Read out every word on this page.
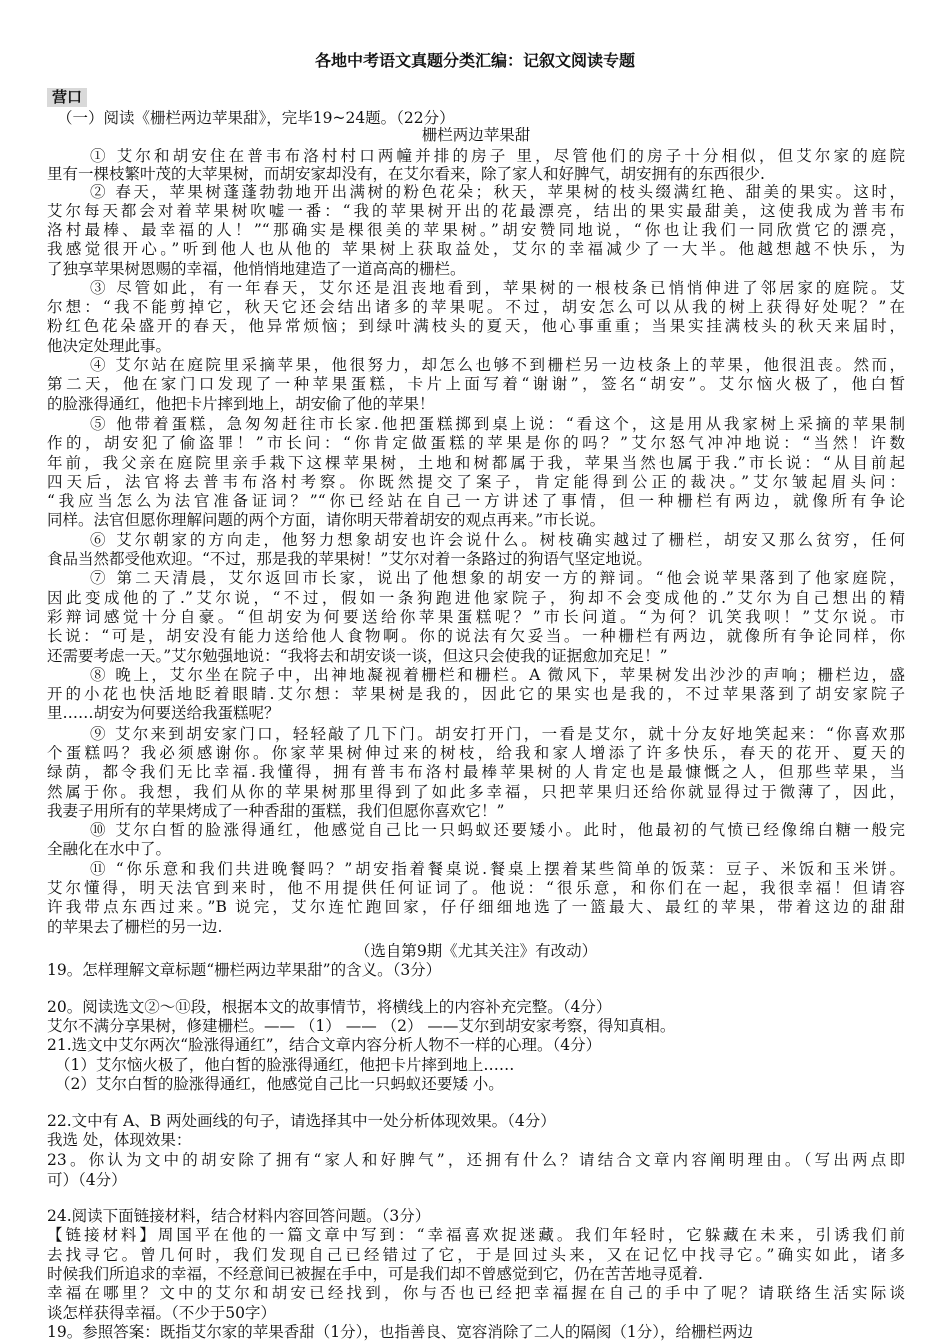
各地中考语文真题分类汇编：记叙文阅读专题
营口
（一）阅读《栅栏两边苹果甜》，完毕19~24题。（22分）
栅栏两边苹果甜
① 艾尔和胡安住在普韦布洛村村口两幢并排的房子 里，尽管他们的房子十分相似，但艾尔家的庭院
里有一棵枝繁叶茂的大苹果树，而胡安家却没有，在艾尔看来，除了家人和好脾气，胡安拥有的东西很少.
② 春天，苹果树蓬蓬勃勃地开出满树的粉色花朵；秋天，苹果树的枝头缀满红艳、甜美的果实。这时，
艾尔每天都会对着苹果树吹嘘一番：“我的苹果树开出的花最漂亮，结出的果实最甜美，这使我成为普韦布
洛村最棒、最幸福的人！”“那确实是棵很美的苹果树。”胡安赞同地说，“你也让我们一同欣赏它的漂亮，
我感觉很开心。”听到他人也从他的 苹果树上获取益处，艾尔的幸福减少了一大半。他越想越不快乐，为
了独享苹果树恩赐的幸福，他悄悄地建造了一道高高的栅栏。
③ 尽管如此，有一年春天，艾尔还是沮丧地看到，苹果树的一根枝条已悄悄伸进了邻居家的庭院。艾
尔想：“我不能剪掉它，秋天它还会结出诸多的苹果呢。不过，胡安怎么可以从我的树上获得好处呢？”在
粉红色花朵盛开的春天，他异常烦恼；到绿叶满枝头的夏天，他心事重重；当果实挂满枝头的秋天来届时，
他决定处理此事。
④ 艾尔站在庭院里采摘苹果，他很努力，却怎么也够不到栅栏另一边枝条上的苹果，他很沮丧。然而，
第二天，他在家门口发现了一种苹果蛋糕，卡片上面写着“谢谢”，签名“胡安”。艾尔恼火极了，他白皙
的脸涨得通红，他把卡片摔到地上，胡安偷了他的苹果！
⑤ 他带着蛋糕，急匆匆赶往市长家.他把蛋糕掷到桌上说：“看这个，这是用从我家树上采摘的苹果制
作的，胡安犯了偷盗罪！”市长问：“你肯定做蛋糕的苹果是你的吗？”艾尔怒气冲冲地说：“当然！许数
年前，我父亲在庭院里亲手栽下这棵苹果树，土地和树都属于我，苹果当然也属于我.”市长说：“从目前起
四天后，法官将去普韦布洛村考察。你既然提交了案子，肯定能得到公正的裁决。”艾尔皱起眉头问：
“我应当怎么为法官准备证词？”“你已经站在自己一方讲述了事情，但一种栅栏有两边，就像所有争论
同样。法官但愿你理解问题的两个方面，请你明天带着胡安的观点再来。”市长说。
⑥ 艾尔朝家的方向走，他努力想象胡安也许会说什么。树枝确实越过了栅栏，胡安又那么贫穷，任何
食品当然都受他欢迎。“不过，那是我的苹果树！”艾尔对着一条路过的狗语气坚定地说。
⑦ 第二天清晨，艾尔返回市长家，说出了他想象的胡安一方的辩词。“他会说苹果落到了他家庭院，
因此变成他的了.”艾尔说，“不过，假如一条狗跑进他家院子，狗却不会变成他的.”艾尔为自己想出的精
彩辩词感觉十分自豪。“但胡安为何要送给你苹果蛋糕呢？”市长问道。“为何？讥笑我呗！”艾尔说。市
长说：“可是，胡安没有能力送给他人食物啊。你的说法有欠妥当。一种栅栏有两边，就像所有争论同样，你
还需要考虑一天。”艾尔勉强地说：“我将去和胡安谈一谈，但这只会使我的证据愈加充足！”
⑧ 晚上，艾尔坐在院子中，出神地凝视着栅栏和栅栏。A 微风下，苹果树发出沙沙的声响；栅栏边，盛
开的小花也快活地眨着眼睛.艾尔想：苹果树是我的，因此它的果实也是我的，不过苹果落到了胡安家院子
里……胡安为何要送给我蛋糕呢？
⑨ 艾尔来到胡安家门口，轻轻敲了几下门。胡安打开门，一看是艾尔，就十分友好地笑起来：“你喜欢那
个蛋糕吗？我必须感谢你。你家苹果树伸过来的树枝，给我和家人增添了许多快乐，春天的花开、夏天的
绿荫，都令我们无比幸福.我懂得，拥有普韦布洛村最棒苹果树的人肯定也是最慷慨之人，但那些苹果，当
然属于你。我想，我们从你的苹果树那里得到了如此多幸福，只把苹果归还给你就显得过于微薄了，因此，
我妻子用所有的苹果烤成了一种香甜的蛋糕，我们但愿你喜欢它！”
⑩ 艾尔白皙的脸涨得通红，他感觉自己比一只蚂蚁还要矮小。此时，他最初的气愤已经像绵白糖一般完
全融化在水中了。
⑪ “你乐意和我们共进晚餐吗？”胡安指着餐桌说.餐桌上摆着某些简单的饭菜：豆子、米饭和玉米饼。
艾尔懂得，明天法官到来时，他不用提供任何证词了。他说：“很乐意，和你们在一起，我很幸福！但请容
许我带点东西过来。”B 说完，艾尔连忙跑回家，仔仔细细地选了一篮最大、最红的苹果，带着这边的甜甜
的苹果去了栅栏的另一边.
（选自第9期《尤其关注》有改动）
19。怎样理解文章标题“栅栏两边苹果甜”的含义。（3分）
20。阅读选文②～⑪段，根据本文的故事情节，将横线上的内容补充完整。（4分）
艾尔不满分享果树，修建栅栏。—— （1） —— （2） ——艾尔到胡安家考察，得知真相。
21.选文中艾尔两次“脸涨得通红”，结合文章内容分析人物不一样的心理。（4分）
（1）艾尔恼火极了，他白皙的脸涨得通红，他把卡片摔到地上……
（2）艾尔白皙的脸涨得通红，他感觉自己比一只蚂蚁还要矮 小。
22.文中有 A、B 两处画线的句子，请选择其中一处分析体现效果。（4分）
我选 处，体现效果：
23。你认为文中的胡安除了拥有“家人和好脾气”，还拥有什么？请结合文章内容阐明理由。（写出两点即
可）（4分）
24.阅读下面链接材料，结合材料内容回答问题。（3分）
【链接材料】周国平在他的一篇文章中写到：“幸福喜欢捉迷藏。我们年轻时，它躲藏在未来，引诱我们前
去找寻它。曾几何时，我们发现自己已经错过了它，于是回过头来，又在记忆中找寻它。”确实如此，诸多
时候我们所追求的幸福，不经意间已被握在手中，可是我们却不曾感觉到它，仍在苦苦地寻觅着.
幸福在哪里？文中的艾尔和胡安已经找到，你与否也已经把幸福握在自己的手中了呢？请联络生活实际谈
谈怎样获得幸福。（不少于50字）
19。参照答案：既指艾尔家的苹果香甜（1分），也指善良、宽容消除了二人的隔阂（1分），给栅栏两边
